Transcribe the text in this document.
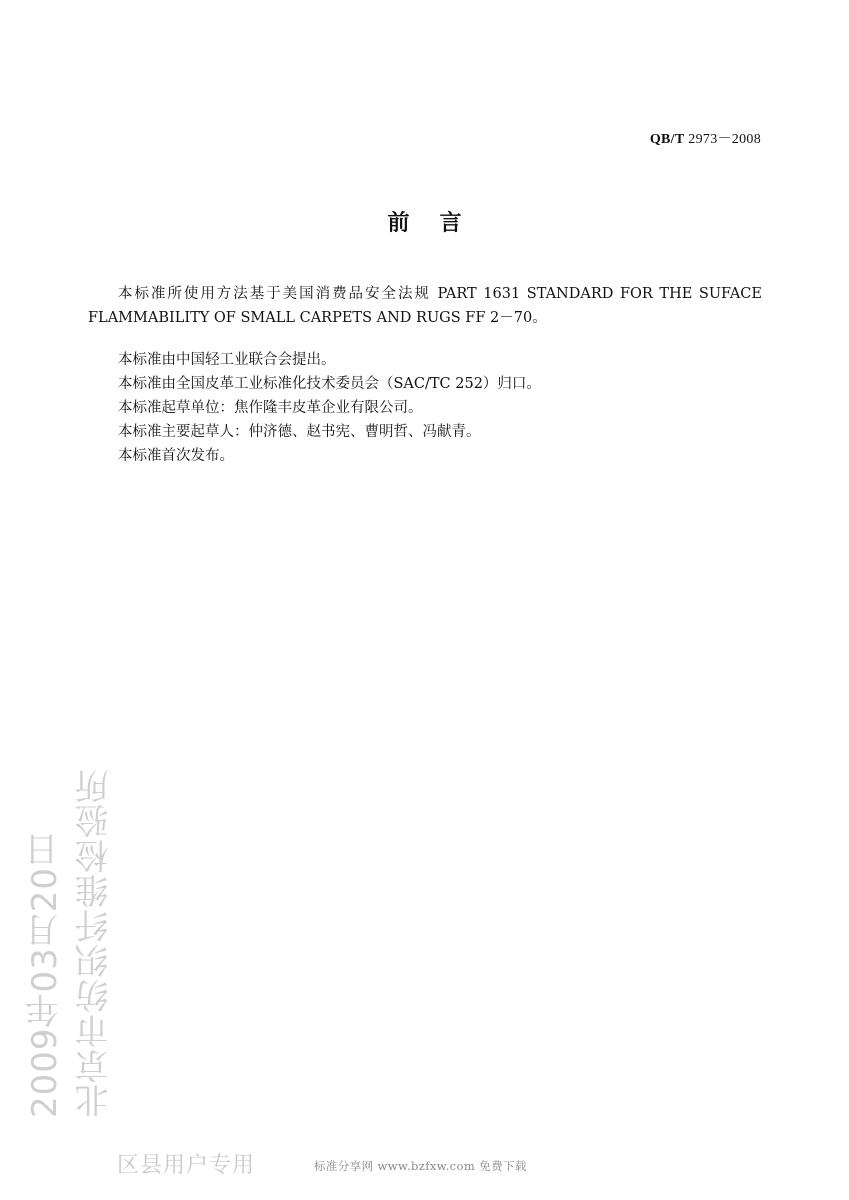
QB/T 2973－2008
前言

本标准所使用方法基于美国消费品安全法规 PART 1631 STANDARD FOR THE SUFACE FLAMMABILITY OF SMALL CARPETS AND RUGS FF 2－70。

本标准由中国轻工业联合会提出。

本标准由全国皮革工业标准化技术委员会（SAC/TC 252）归口。

本标准起草单位：焦作隆丰皮革企业有限公司。

本标准主要起草人：仲济德、赵书宪、曹明哲、冯献青。

本标准首次发布。

2009年03月20日 北京市纺织纤维检验所
区县用户专用	标准分享网 www.bzfxw.com 免费下载
